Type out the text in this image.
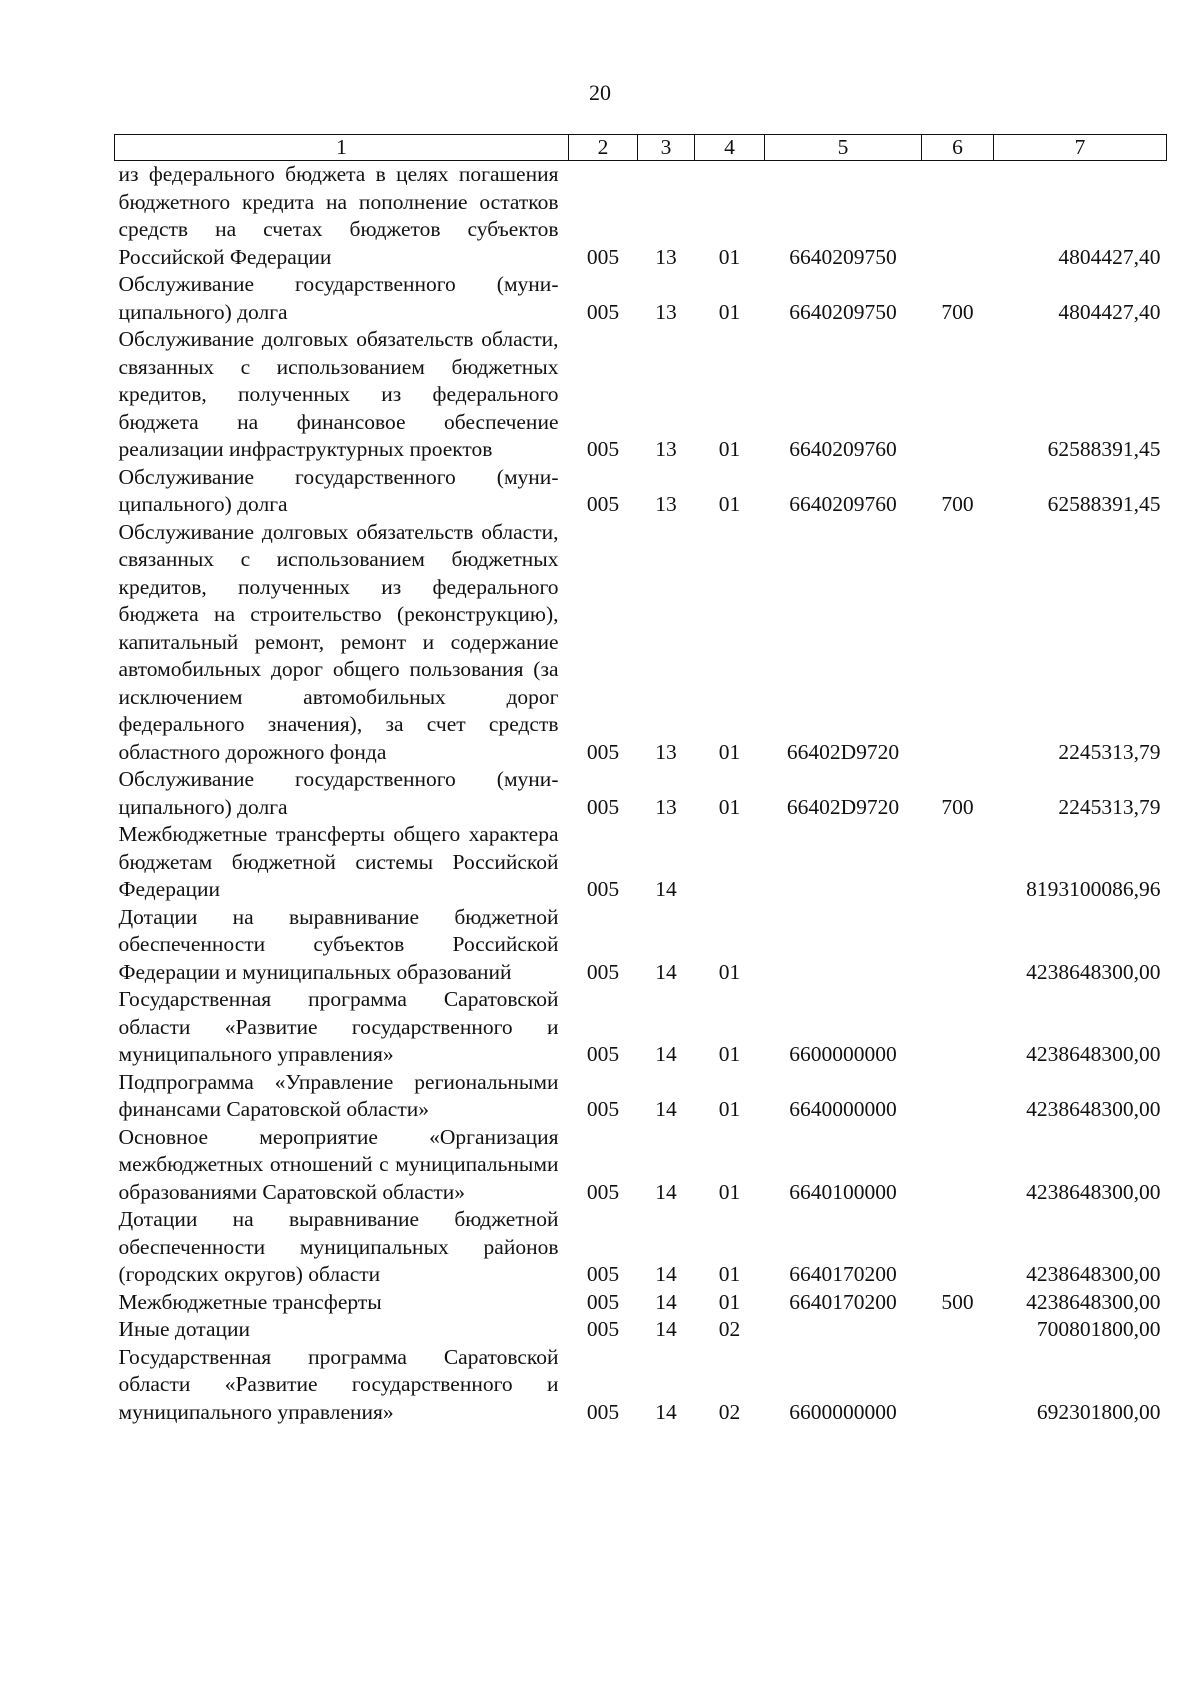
20
1	2	3	4	5	6	7
из федерального бюджета в целях погашения бюджетного кредита на пополнение остатков средств на счетах бюджетов субъектов Российской Федерации	005	13	01	6640209750		4804427,40
Обслуживание государственного (муниципального) долга	005	13	01	6640209750	700	4804427,40
Обслуживание долговых обязательств области, связанных с использованием бюджетных кредитов, полученных из федерального бюджета на финансовое обеспечение реализации инфраструктурных проектов	005	13	01	6640209760		62588391,45
Обслуживание государственного (муниципального) долга	005	13	01	6640209760	700	62588391,45
Обслуживание долговых обязательств области, связанных с использованием бюджетных кредитов, полученных из федерального бюджета на строительство (реконструкцию), капитальный ремонт, ремонт и содержание автомобильных дорог общего пользования (за исключением автомобильных дорог федерального значения), за счет средств областного дорожного фонда	005	13	01	66402D9720		2245313,79
Обслуживание государственного (муниципального) долга	005	13	01	66402D9720	700	2245313,79
Межбюджетные трансферты общего характера бюджетам бюджетной системы Российской Федерации	005	14				8193100086,96
Дотации на выравнивание бюджетной обеспеченности субъектов Российской Федерации и муниципальных образований	005	14	01			4238648300,00
Государственная программа Саратовской области «Развитие государственного и муниципального управления»	005	14	01	6600000000		4238648300,00
Подпрограмма «Управление региональными финансами Саратовской области»	005	14	01	6640000000		4238648300,00
Основное мероприятие «Организация межбюджетных отношений с муниципальными образованиями Саратовской области»	005	14	01	6640100000		4238648300,00
Дотации на выравнивание бюджетной обеспеченности муниципальных районов (городских округов) области	005	14	01	6640170200		4238648300,00
Межбюджетные трансферты	005	14	01	6640170200	500	4238648300,00
Иные дотации	005	14	02			700801800,00
Государственная программа Саратовской области «Развитие государственного и муниципального управления»	005	14	02	6600000000		692301800,00
